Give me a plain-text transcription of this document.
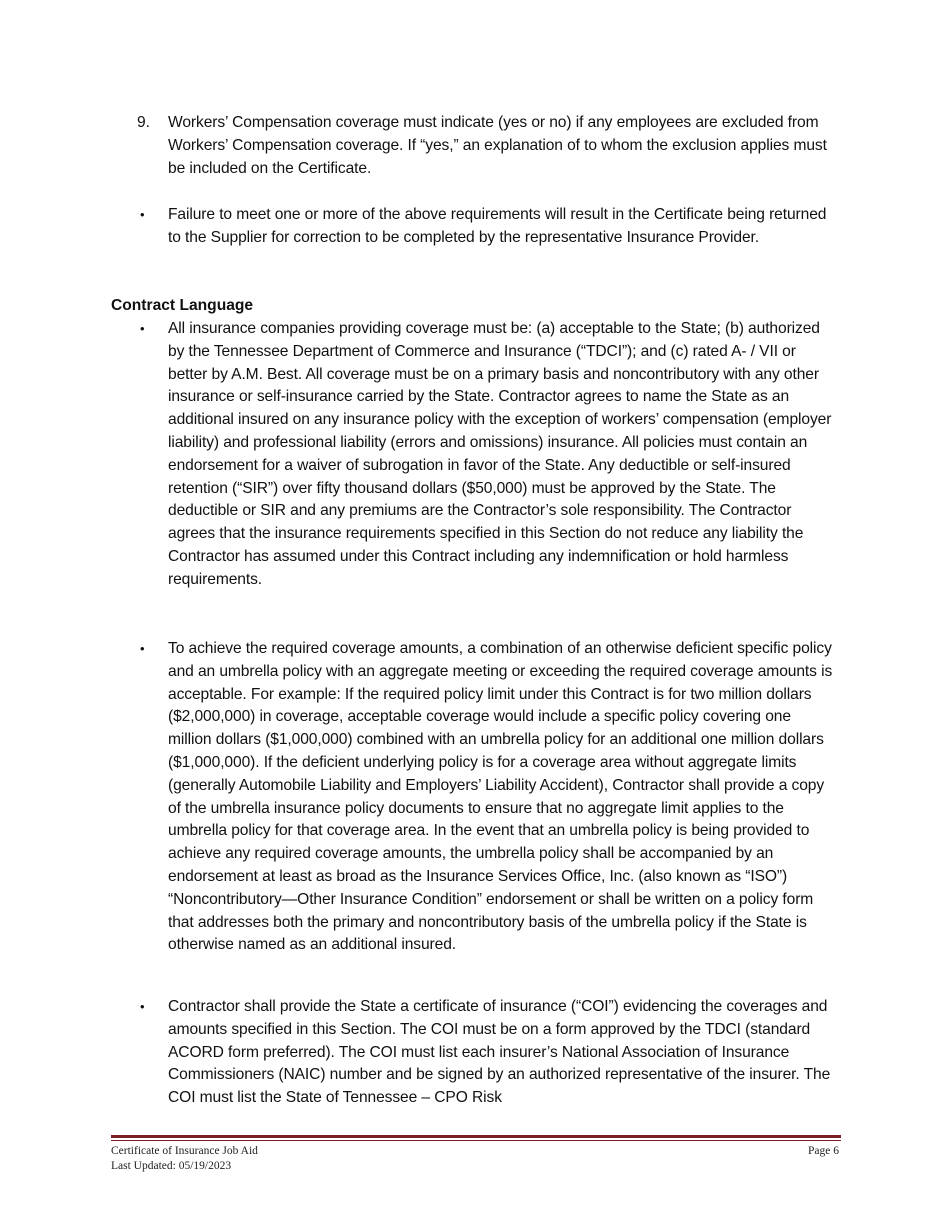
9. Workers’ Compensation coverage must indicate (yes or no) if any employees are excluded from Workers’ Compensation coverage. If “yes,” an explanation of to whom the exclusion applies must be included on the Certificate.

• Failure to meet one or more of the above requirements will result in the Certificate being returned to the Supplier for correction to be completed by the representative Insurance Provider.

Contract Language
• All insurance companies providing coverage must be: (a) acceptable to the State; (b) authorized by the Tennessee Department of Commerce and Insurance (“TDCI”); and (c) rated A- / VII or better by A.M. Best. All coverage must be on a primary basis and noncontributory with any other insurance or self-insurance carried by the State. Contractor agrees to name the State as an additional insured on any insurance policy with the exception of workers’ compensation (employer liability) and professional liability (errors and omissions) insurance. All policies must contain an endorsement for a waiver of subrogation in favor of the State. Any deductible or self-insured retention (“SIR”) over fifty thousand dollars ($50,000) must be approved by the State. The deductible or SIR and any premiums are the Contractor’s sole responsibility. The Contractor agrees that the insurance requirements specified in this Section do not reduce any liability the Contractor has assumed under this Contract including any indemnification or hold harmless requirements.

• To achieve the required coverage amounts, a combination of an otherwise deficient specific policy and an umbrella policy with an aggregate meeting or exceeding the required coverage amounts is acceptable. For example: If the required policy limit under this Contract is for two million dollars ($2,000,000) in coverage, acceptable coverage would include a specific policy covering one million dollars ($1,000,000) combined with an umbrella policy for an additional one million dollars ($1,000,000). If the deficient underlying policy is for a coverage area without aggregate limits (generally Automobile Liability and Employers’ Liability Accident), Contractor shall provide a copy of the umbrella insurance policy documents to ensure that no aggregate limit applies to the umbrella policy for that coverage area. In the event that an umbrella policy is being provided to achieve any required coverage amounts, the umbrella policy shall be accompanied by an endorsement at least as broad as the Insurance Services Office, Inc. (also known as “ISO”) “Noncontributory—Other Insurance Condition” endorsement or shall be written on a policy form that addresses both the primary and noncontributory basis of the umbrella policy if the State is otherwise named as an additional insured.

• Contractor shall provide the State a certificate of insurance (“COI”) evidencing the coverages and amounts specified in this Section. The COI must be on a form approved by the TDCI (standard ACORD form preferred). The COI must list each insurer’s National Association of Insurance Commissioners (NAIC) number and be signed by an authorized representative of the insurer. The COI must list the State of Tennessee – CPO Risk

Certificate of Insurance Job Aid
Last Updated: 05/19/2023
Page 6
